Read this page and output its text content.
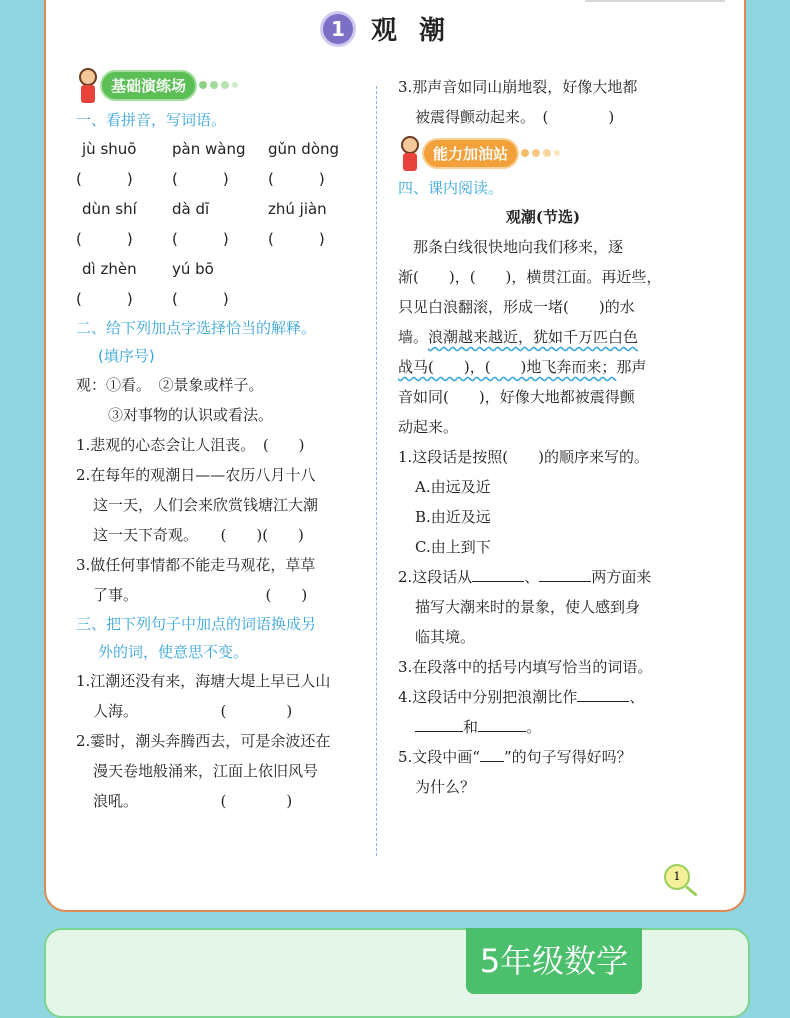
1 观潮
基础演练场
一、看拼音，写词语。
jù shuō	pàn wàng	gǔn dòng
(　　　)	(　　　)	(　　　)
dùn shí	dà dī	zhú jiàn
(　　　)	(　　　)	(　　　)
dì zhèn	yú bō
(　　　)	(　　　)
二、给下列加点字选择恰当的解释。
(填序号)
观：①看。　②景象或样子。
③对事物的认识或看法。
1.悲观的心态会让人沮丧。　(　　)
2.在每年的观潮日——农历八月十八
这一天，人们会来欣赏钱塘江大潮
这一天下奇观。　　(　　)(　　)
3.做任何事情都不能走马观花，草草
了事。　　　　　　　　　(　　)
三、把下列句子中加点的词语换成另
外的词，使意思不变。
1.江潮还没有来，海塘大堤上早已人山
人海。　　　　　　(　　　　)
2.霎时，潮头奔腾西去，可是余波还在
漫天卷地般涌来，江面上依旧风号
浪吼。　　　　　　(　　　　)
3.那声音如同山崩地裂，好像大地都
被震得颤动起来。　(　　　　)
能力加油站
四、课内阅读。
观潮(节选)
　那条白线很快地向我们移来，逐
渐(　　)，(　　)，横贯江面。再近些，
只见白浪翻滚，形成一堵(　　)的水
墙。浪潮越来越近，犹如千万匹白色
战马(　　)，(　　)地飞奔而来；那声
音如同(　　)，好像大地都被震得颤
动起来。
1.这段话是按照(　　)的顺序来写的。
A.由远及近
B.由近及远
C.由上到下
2.这段话从	、	两方面来
描写大潮来时的景象，使人感到身
临其境。
3.在段落中的括号内填写恰当的词语。
4.这段话中分别把浪潮比作	、
和	。
5.文段中画“ ”的句子写得好吗？
为什么？
1
5年级数学
